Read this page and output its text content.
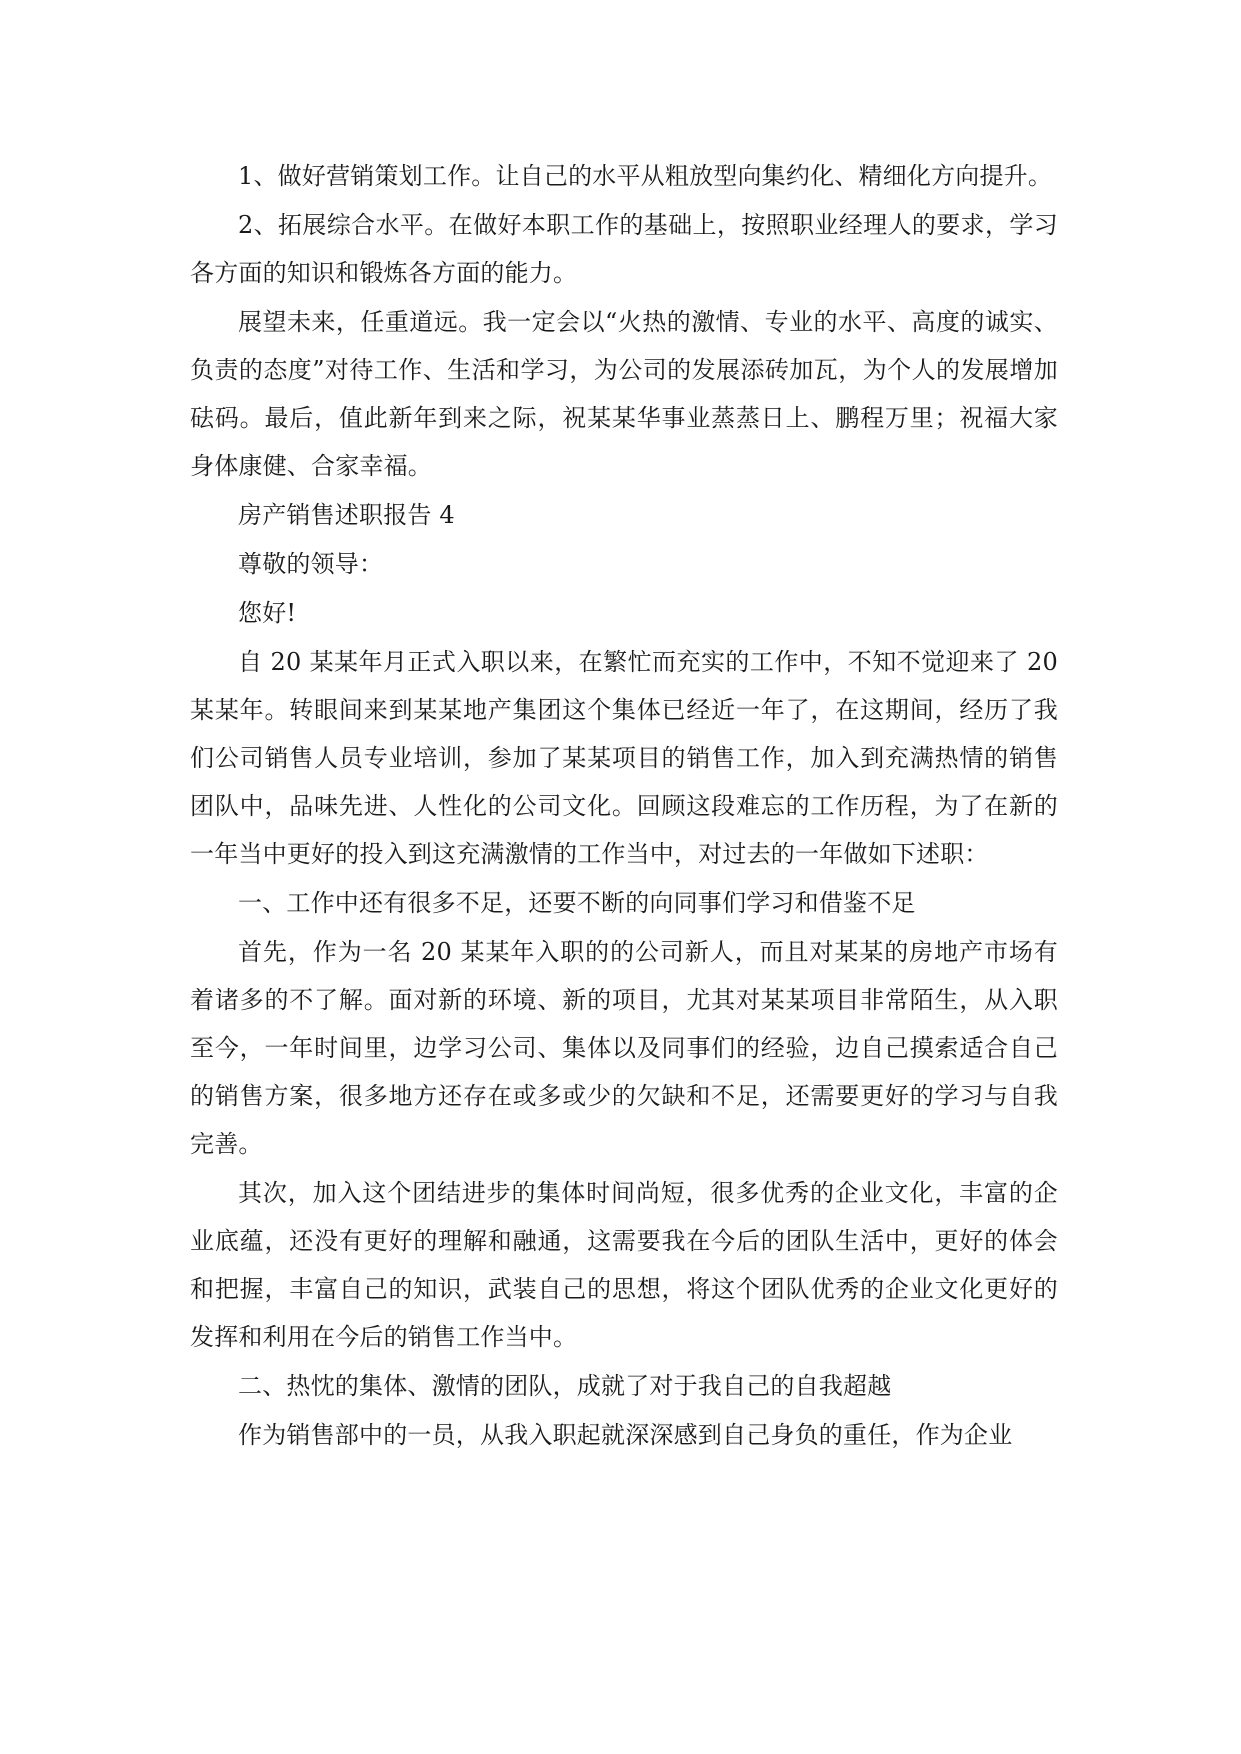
1、做好营销策划工作。让自己的水平从粗放型向集约化、精细化方向提升。

2、拓展综合水平。在做好本职工作的基础上，按照职业经理人的要求，学习各方面的知识和锻炼各方面的能力。

展望未来，任重道远。我一定会以“火热的激情、专业的水平、高度的诚实、负责的态度”对待工作、生活和学习，为公司的发展添砖加瓦，为个人的发展增加砝码。最后，值此新年到来之际，祝某某华事业蒸蒸日上、鹏程万里；祝福大家身体康健、合家幸福。

房产销售述职报告 4

尊敬的领导：

您好!

自 20 某某年月正式入职以来，在繁忙而充实的工作中，不知不觉迎来了 20 某某年。转眼间来到某某地产集团这个集体已经近一年了，在这期间，经历了我们公司销售人员专业培训，参加了某某项目的销售工作，加入到充满热情的销售团队中，品味先进、人性化的公司文化。回顾这段难忘的工作历程，为了在新的一年当中更好的投入到这充满激情的工作当中，对过去的一年做如下述职：

一、工作中还有很多不足，还要不断的向同事们学习和借鉴不足

首先，作为一名 20 某某年入职的的公司新人，而且对某某的房地产市场有着诸多的不了解。面对新的环境、新的项目，尤其对某某项目非常陌生，从入职至今，一年时间里，边学习公司、集体以及同事们的经验，边自己摸索适合自己的销售方案，很多地方还存在或多或少的欠缺和不足，还需要更好的学习与自我完善。

其次，加入这个团结进步的集体时间尚短，很多优秀的企业文化，丰富的企业底蕴，还没有更好的理解和融通，这需要我在今后的团队生活中，更好的体会和把握，丰富自己的知识，武装自己的思想，将这个团队优秀的企业文化更好的发挥和利用在今后的销售工作当中。

二、热忱的集体、激情的团队，成就了对于我自己的自我超越

作为销售部中的一员，从我入职起就深深感到自己身负的重任，作为企业
